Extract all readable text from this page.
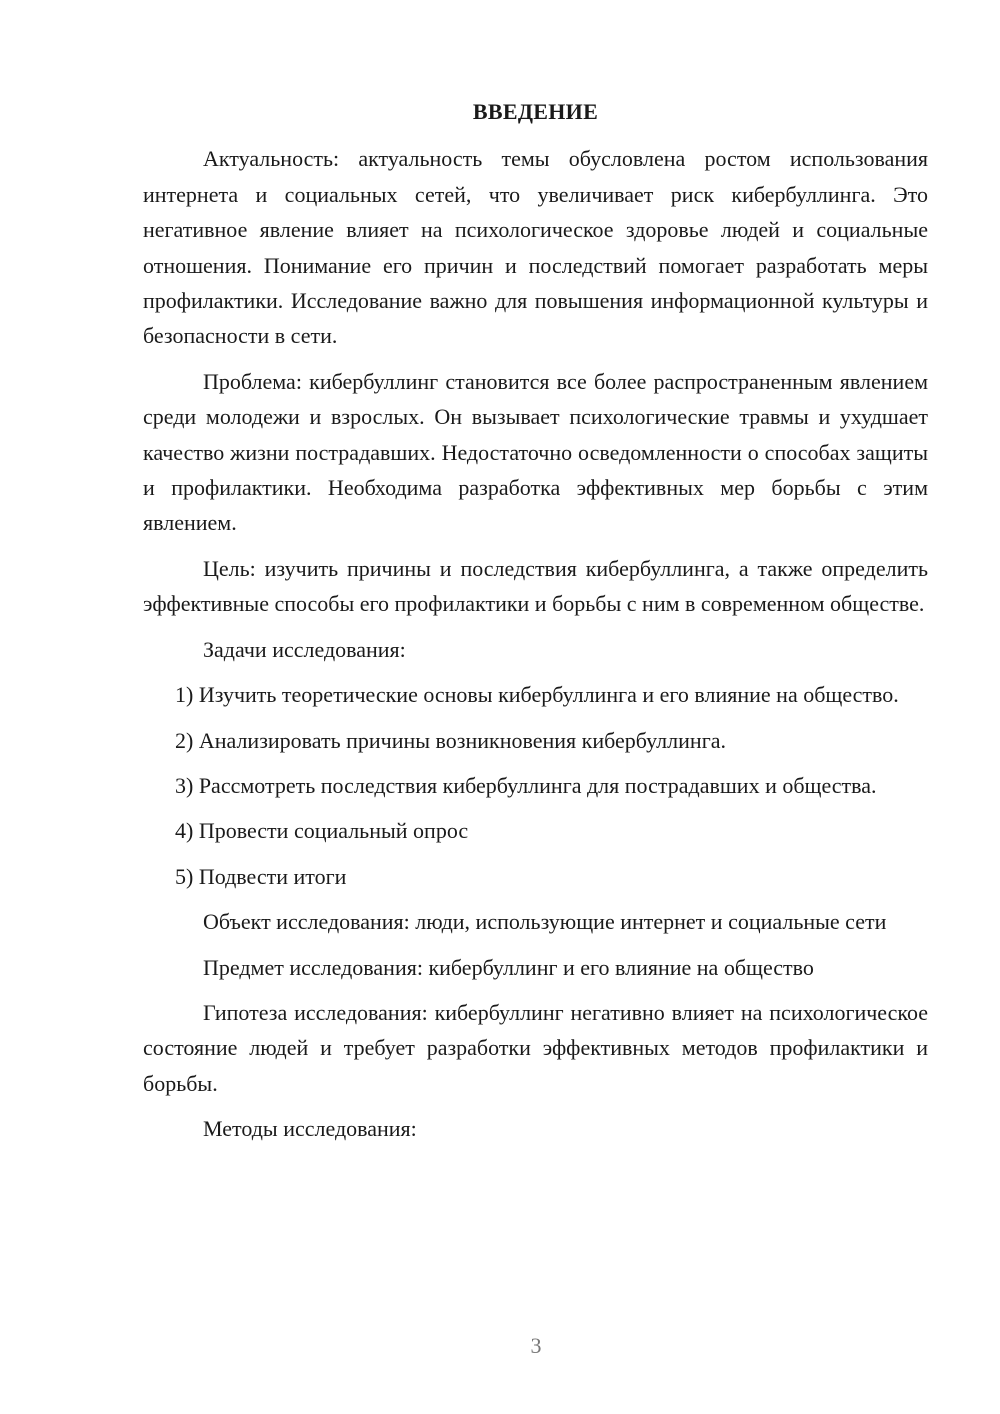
ВВЕДЕНИЕ

Актуальность: актуальность темы обусловлена ростом использования интернета и социальных сетей, что увеличивает риск кибербуллинга. Это негативное явление влияет на психологическое здоровье людей и социальные отношения. Понимание его причин и последствий помогает разработать меры профилактики. Исследование важно для повышения информационной культуры и безопасности в сети.

Проблема: кибербуллинг становится все более распространенным явлением среди молодежи и взрослых. Он вызывает психологические травмы и ухудшает качество жизни пострадавших. Недостаточно осведомленности о способах защиты и профилактики. Необходима разработка эффективных мер борьбы с этим явлением.

Цель: изучить причины и последствия кибербуллинга, а также определить эффективные способы его профилактики и борьбы с ним в современном обществе.

Задачи исследования:

1) Изучить теоретические основы кибербуллинга и его влияние на общество.

2) Анализировать причины возникновения кибербуллинга.

3) Рассмотреть последствия кибербуллинга для пострадавших и общества.

4) Провести социальный опрос

5) Подвести итоги

Объект исследования: люди, использующие интернет и социальные сети

Предмет исследования: кибербуллинг и его влияние на общество

Гипотеза исследования: кибербуллинг негативно влияет на психологическое состояние людей и требует разработки эффективных методов профилактики и борьбы.

Методы исследования:

3
